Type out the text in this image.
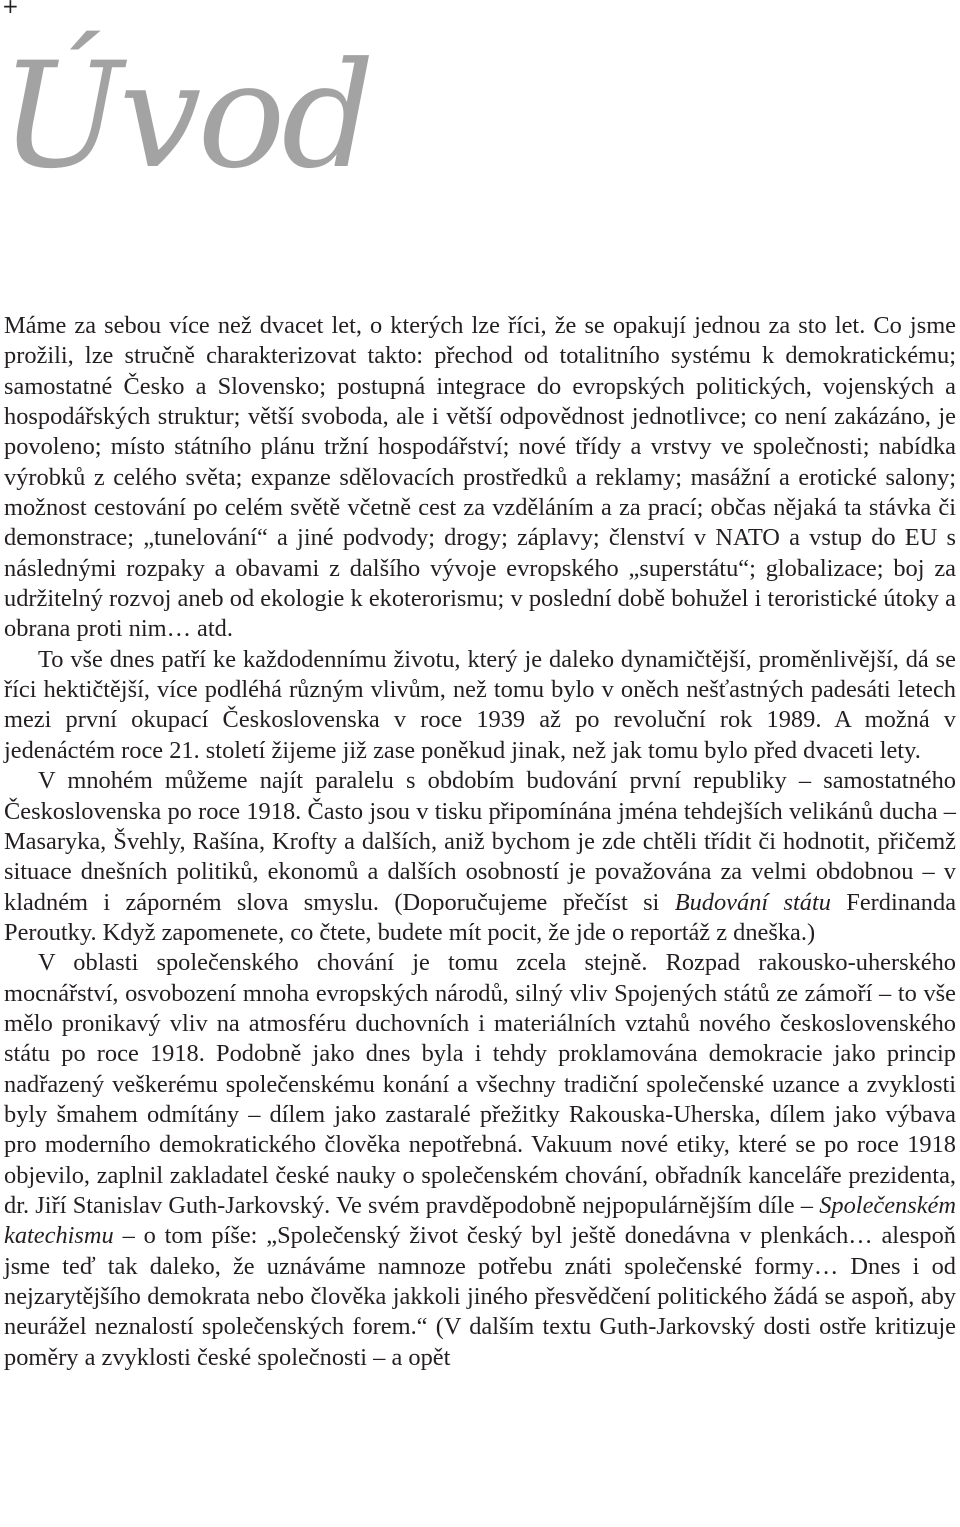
+
Úvod

Máme za sebou více než dvacet let, o kterých lze říci, že se opakují jednou za sto let. Co jsme prožili, lze stručně charakterizovat takto: přechod od totalitního systému k demokratickému; samostatné Česko a Slovensko; postupná integrace do evropských politických, vojenských a hospodářských struktur; větší svoboda, ale i větší odpovědnost jednotlivce; co není zakázáno, je povoleno; místo státního plánu tržní hospodářství; nové třídy a vrstvy ve společnosti; nabídka výrobků z celého světa; expanze sdělovacích prostředků a reklamy; masážní a erotické salony; možnost cestování po celém světě včetně cest za vzděláním a za prací; občas nějaká ta stávka či demonstrace; „tunelování“ a jiné podvody; drogy; záplavy; členství v NATO a vstup do EU s následnými rozpaky a obavami z dalšího vývoje evropského „superstátu“; globalizace; boj za udržitelný rozvoj aneb od ekologie k ekoterorismu; v poslední době bohužel i teroristické útoky a obrana proti nim… atd.

To vše dnes patří ke každodennímu životu, který je daleko dynamičtější, proměnlivější, dá se říci hektičtější, více podléhá různým vlivům, než tomu bylo v oněch nešťastných padesáti letech mezi první okupací Československa v roce 1939 až po revoluční rok 1989. A možná v jedenáctém roce 21. století žijeme již zase poněkud jinak, než jak tomu bylo před dvaceti lety.

V mnohém můžeme najít paralelu s obdobím budování první republiky – samostatného Československa po roce 1918. Často jsou v tisku připomínána jména tehdejších velikánů ducha – Masaryka, Švehly, Rašína, Krofty a dalších, aniž bychom je zde chtěli třídit či hodnotit, přičemž situace dnešních politiků, ekonomů a dalších osobností je považována za velmi obdobnou – v kladném i záporném slova smyslu. (Doporučujeme přečíst si Budování státu Ferdinanda Peroutky. Když zapomenete, co čtete, budete mít pocit, že jde o reportáž z dneška.)

V oblasti společenského chování je tomu zcela stejně. Rozpad rakousko-uherského mocnářství, osvobození mnoha evropských národů, silný vliv Spojených států ze zámoří – to vše mělo pronikavý vliv na atmosféru duchovních i materiálních vztahů nového československého státu po roce 1918. Podobně jako dnes byla i tehdy proklamována demokracie jako princip nadřazený veškerému společenskému konání a všechny tradiční společenské uzance a zvyklosti byly šmahem odmítány – dílem jako zastaralé přežitky Rakouska-Uherska, dílem jako výbava pro moderního demokratického člověka nepotřebná. Vakuum nové etiky, které se po roce 1918 objevilo, zaplnil zakladatel české nauky o společenském chování, obřadník kanceláře prezidenta, dr. Jiří Stanislav Guth-Jarkovský. Ve svém pravděpodobně nejpopulárnějším díle – Společenském katechismu – o tom píše: „Společenský život český byl ještě donedávna v plenkách… alespoň jsme teď tak daleko, že uznáváme namnoze potřebu znáti společenské formy… Dnes i od nejzarytějšího demokrata nebo člověka jakkoli jiného přesvědčení politického žádá se aspoň, aby neurážel neznalostí společenských forem.“ (V dalším textu Guth-Jarkovský dosti ostře kritizuje poměry a zvyklosti české společnosti – a opět
